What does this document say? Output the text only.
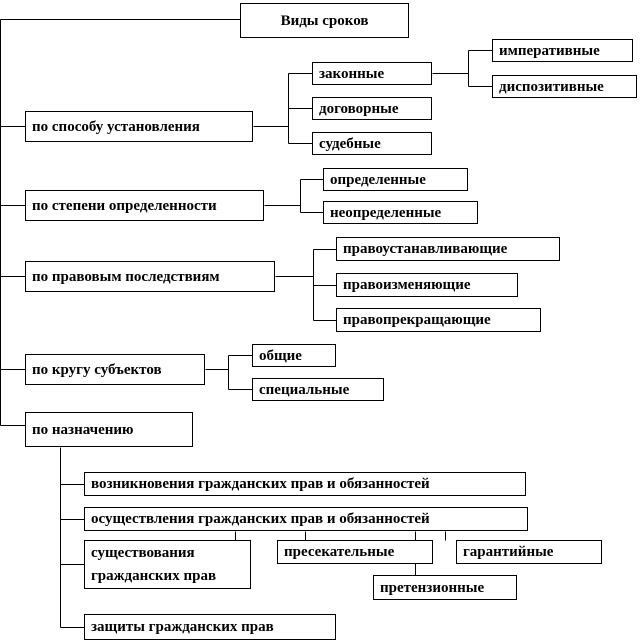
Виды сроков
по способу установления
законные
договорные
судебные
императивные
диспозитивные
по степени определенности
определенные
неопределенные
по правовым последствиям
правоустанавливающие
правоизменяющие
правопрекращающие
по кругу субъектов
общие
специальные
по назначению
возникновения гражданских прав и обязанностей
осуществления гражданских прав и обязанностей
существования гражданских прав
пресекательные	гарантийные
претензионные
защиты гражданских прав
